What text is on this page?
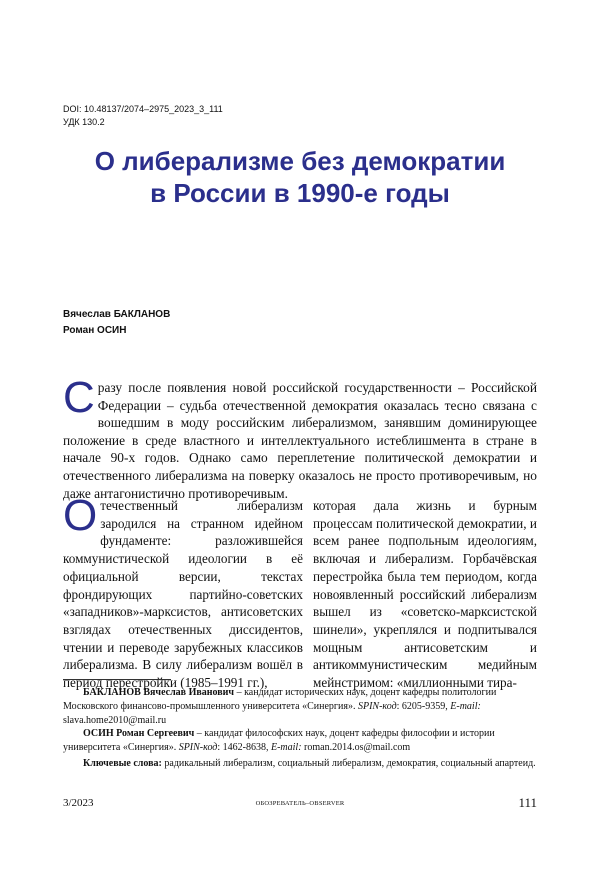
DOI: 10.48137/2074–2975_2023_3_111
УДК 130.2
О либерализме без демократии
в России в 1990-е годы
Вячеслав БАКЛАНОВ
Роман ОСИН
С разу после появления новой российской государственности – Российской Федерации – судьба отечественной демократия оказалась тесно связана с вошедшим в моду российским либерализмом, занявшим доминирующее положение в среде властного и интеллектуального истеблишмента в стране в начале 90-х годов. Однако само переплетение политической демократии и отечественного либерализма на поверку оказалось не просто противоречивым, но даже антагонистично противоречивым.
О течественный либерализм зародился на странном идейном фундаменте: разложившейся коммунистической идеологии в её официальной версии, текстах фрондирующих партийно-советских «западников»-марксистов, антисоветских взглядах отечественных диссидентов, чтении и переводе зарубежных классиков либерализма. В силу либерализм вошёл в период перестройки (1985–1991 гг.),
которая дала жизнь и бурным процессам политической демократии, и всем ранее подпольным идеологиям, включая и либерализм. Горбачёвская перестройка была тем периодом, когда новоявленный российский либерализм вышел из «советско-марксистской шинели», укреплялся и подпитывался мощным антисоветским и антикоммунистическим медийным мейнстримом: «миллионными тира-
БАКЛАНОВ Вячеслав Иванович – кандидат исторических наук, доцент кафедры политологии Московского финансово-промышленного университета «Синергия». SPIN-код: 6205-9359, E-mail: slava.home2010@mail.ru
ОСИН Роман Сергеевич – кандидат философских наук, доцент кафедры философии и истории университета «Синергия». SPIN-код: 1462-8638, E-mail: roman.2014.os@mail.com
Ключевые слова: радикальный либерализм, социальный либерализм, демократия, социальный апартеид.
3/2023	ОБОЗРЕВАТЕЛЬ–OBSERVER	111
